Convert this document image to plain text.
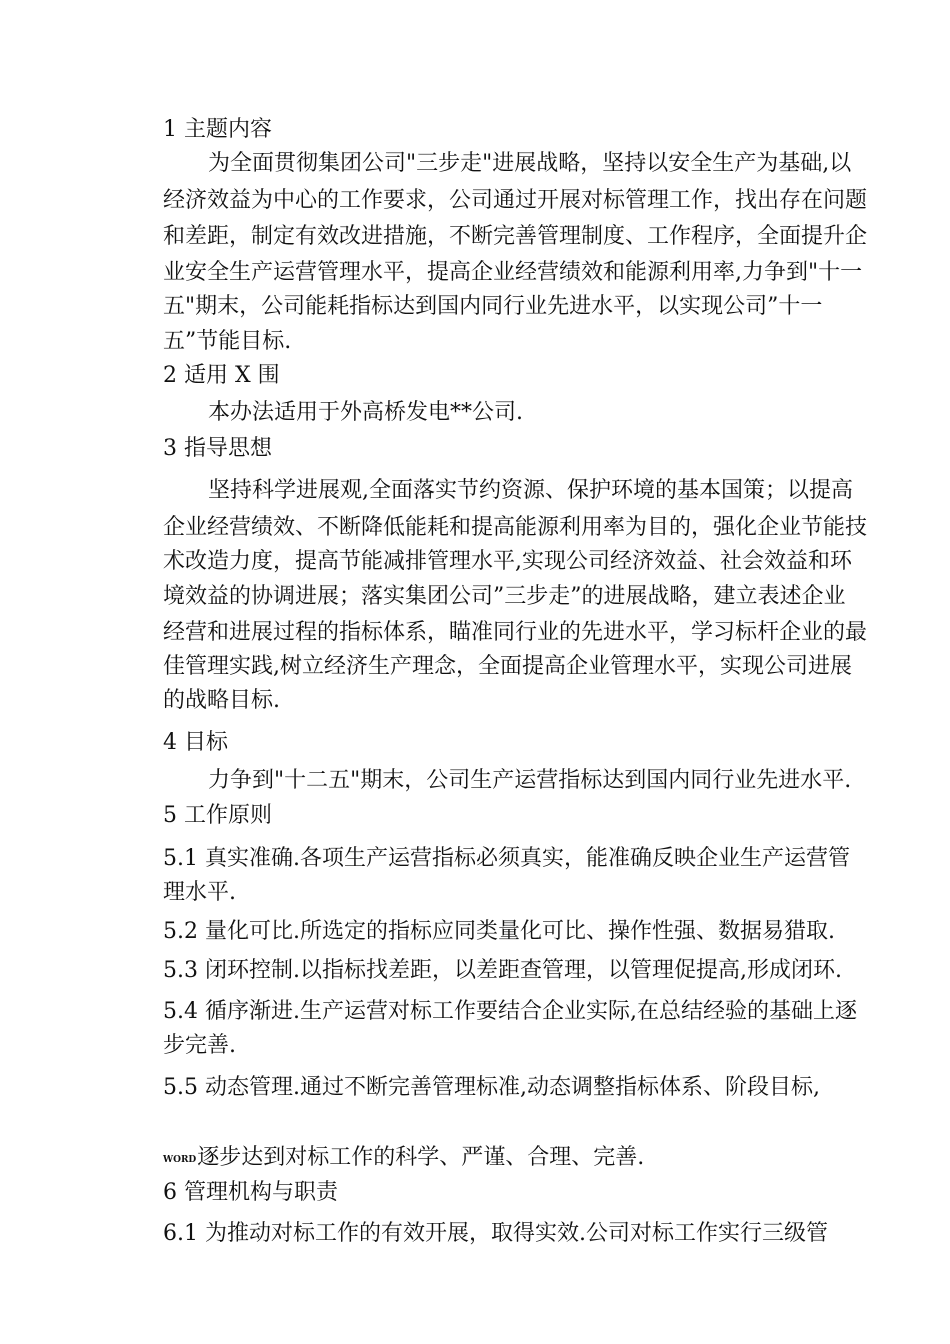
1 主题内容
为全面贯彻集团公司"三步走"进展战略，坚持以安全生产为基础,以
经济效益为中心的工作要求，公司通过开展对标管理工作，找出存在问题
和差距，制定有效改进措施，不断完善管理制度、工作程序，全面提升企
业安全生产运营管理水平，提高企业经营绩效和能源利用率,力争到"十一
五"期末，公司能耗指标达到国内同行业先进水平，以实现公司”十一
五”节能目标.
2 适用 X 围
本办法适用于外高桥发电**公司.
3 指导思想
坚持科学进展观,全面落实节约资源、保护环境的基本国策；以提高
企业经营绩效、不断降低能耗和提高能源利用率为目的，强化企业节能技
术改造力度，提高节能减排管理水平,实现公司经济效益、社会效益和环
境效益的协调进展；落实集团公司”三步走”的进展战略，建立表述企业
经营和进展过程的指标体系，瞄准同行业的先进水平，学习标杆企业的最
佳管理实践,树立经济生产理念，全面提高企业管理水平，实现公司进展
的战略目标.
4 目标
力争到"十二五"期末，公司生产运营指标达到国内同行业先进水平.
5 工作原则
5.1 真实准确.各项生产运营指标必须真实，能准确反映企业生产运营管
理水平.
5.2 量化可比.所选定的指标应同类量化可比、操作性强、数据易猎取.
5.3 闭环控制.以指标找差距，以差距查管理，以管理促提高,形成闭环.
5.4 循序渐进.生产运营对标工作要结合企业实际,在总结经验的基础上逐
步完善.
5.5 动态管理.通过不断完善管理标准,动态调整指标体系、阶段目标,
WORD逐步达到对标工作的科学、严谨、合理、完善.
6 管理机构与职责
6.1 为推动对标工作的有效开展，取得实效.公司对标工作实行三级管
